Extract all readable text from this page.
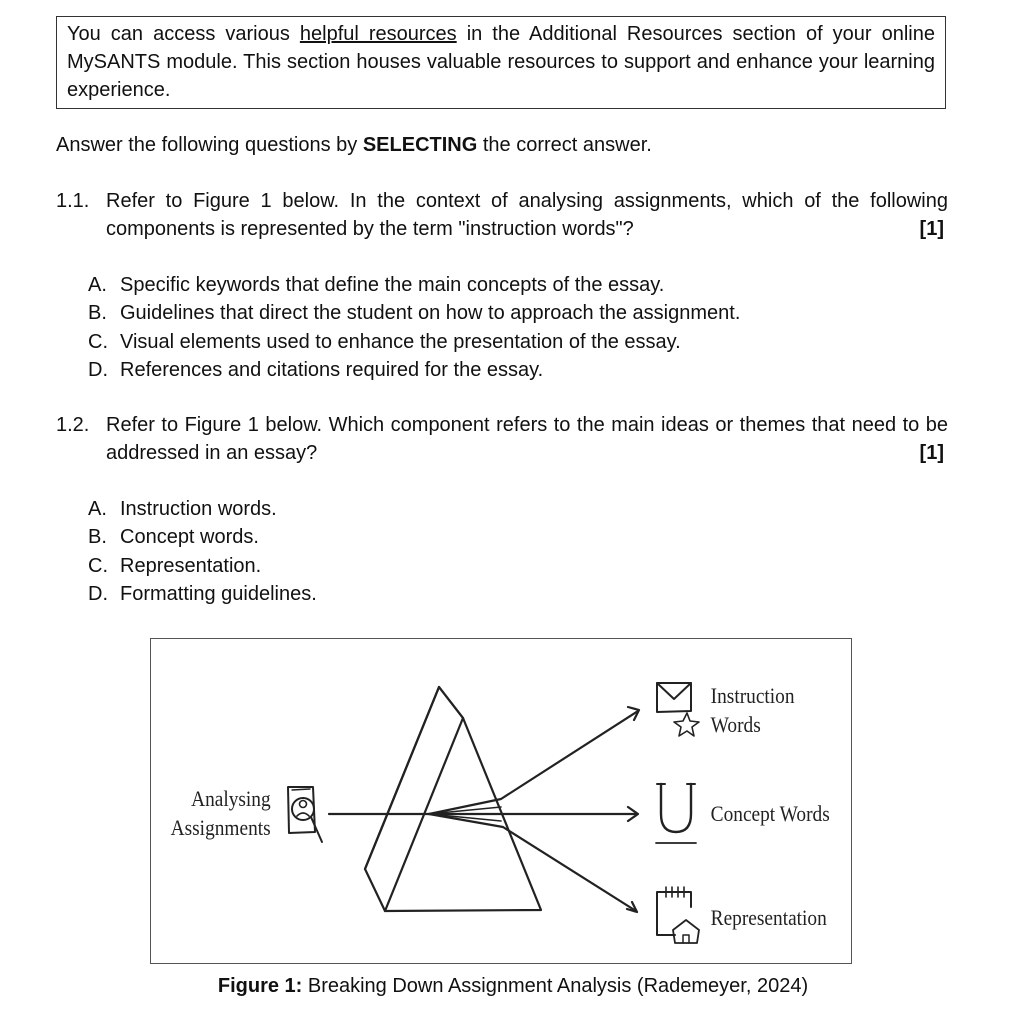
You can access various helpful resources in the Additional Resources section of your online MySANTS module. This section houses valuable resources to support and enhance your learning experience.
Answer the following questions by SELECTING the correct answer.
1.1. Refer to Figure 1 below. In the context of analysing assignments, which of the following components is represented by the term "instruction words"?	[1]
A. Specific keywords that define the main concepts of the essay.
B. Guidelines that direct the student on how to approach the assignment.
C. Visual elements used to enhance the presentation of the essay.
D. References and citations required for the essay.
1.2. Refer to Figure 1 below. Which component refers to the main ideas or themes that need to be addressed in an essay?	[1]
A. Instruction words.
B. Concept words.
C. Representation.
D. Formatting guidelines.
Analysing
Assignments
Instruction
Words
Concept Words
Representation
Figure 1: Breaking Down Assignment Analysis (Rademeyer, 2024)
